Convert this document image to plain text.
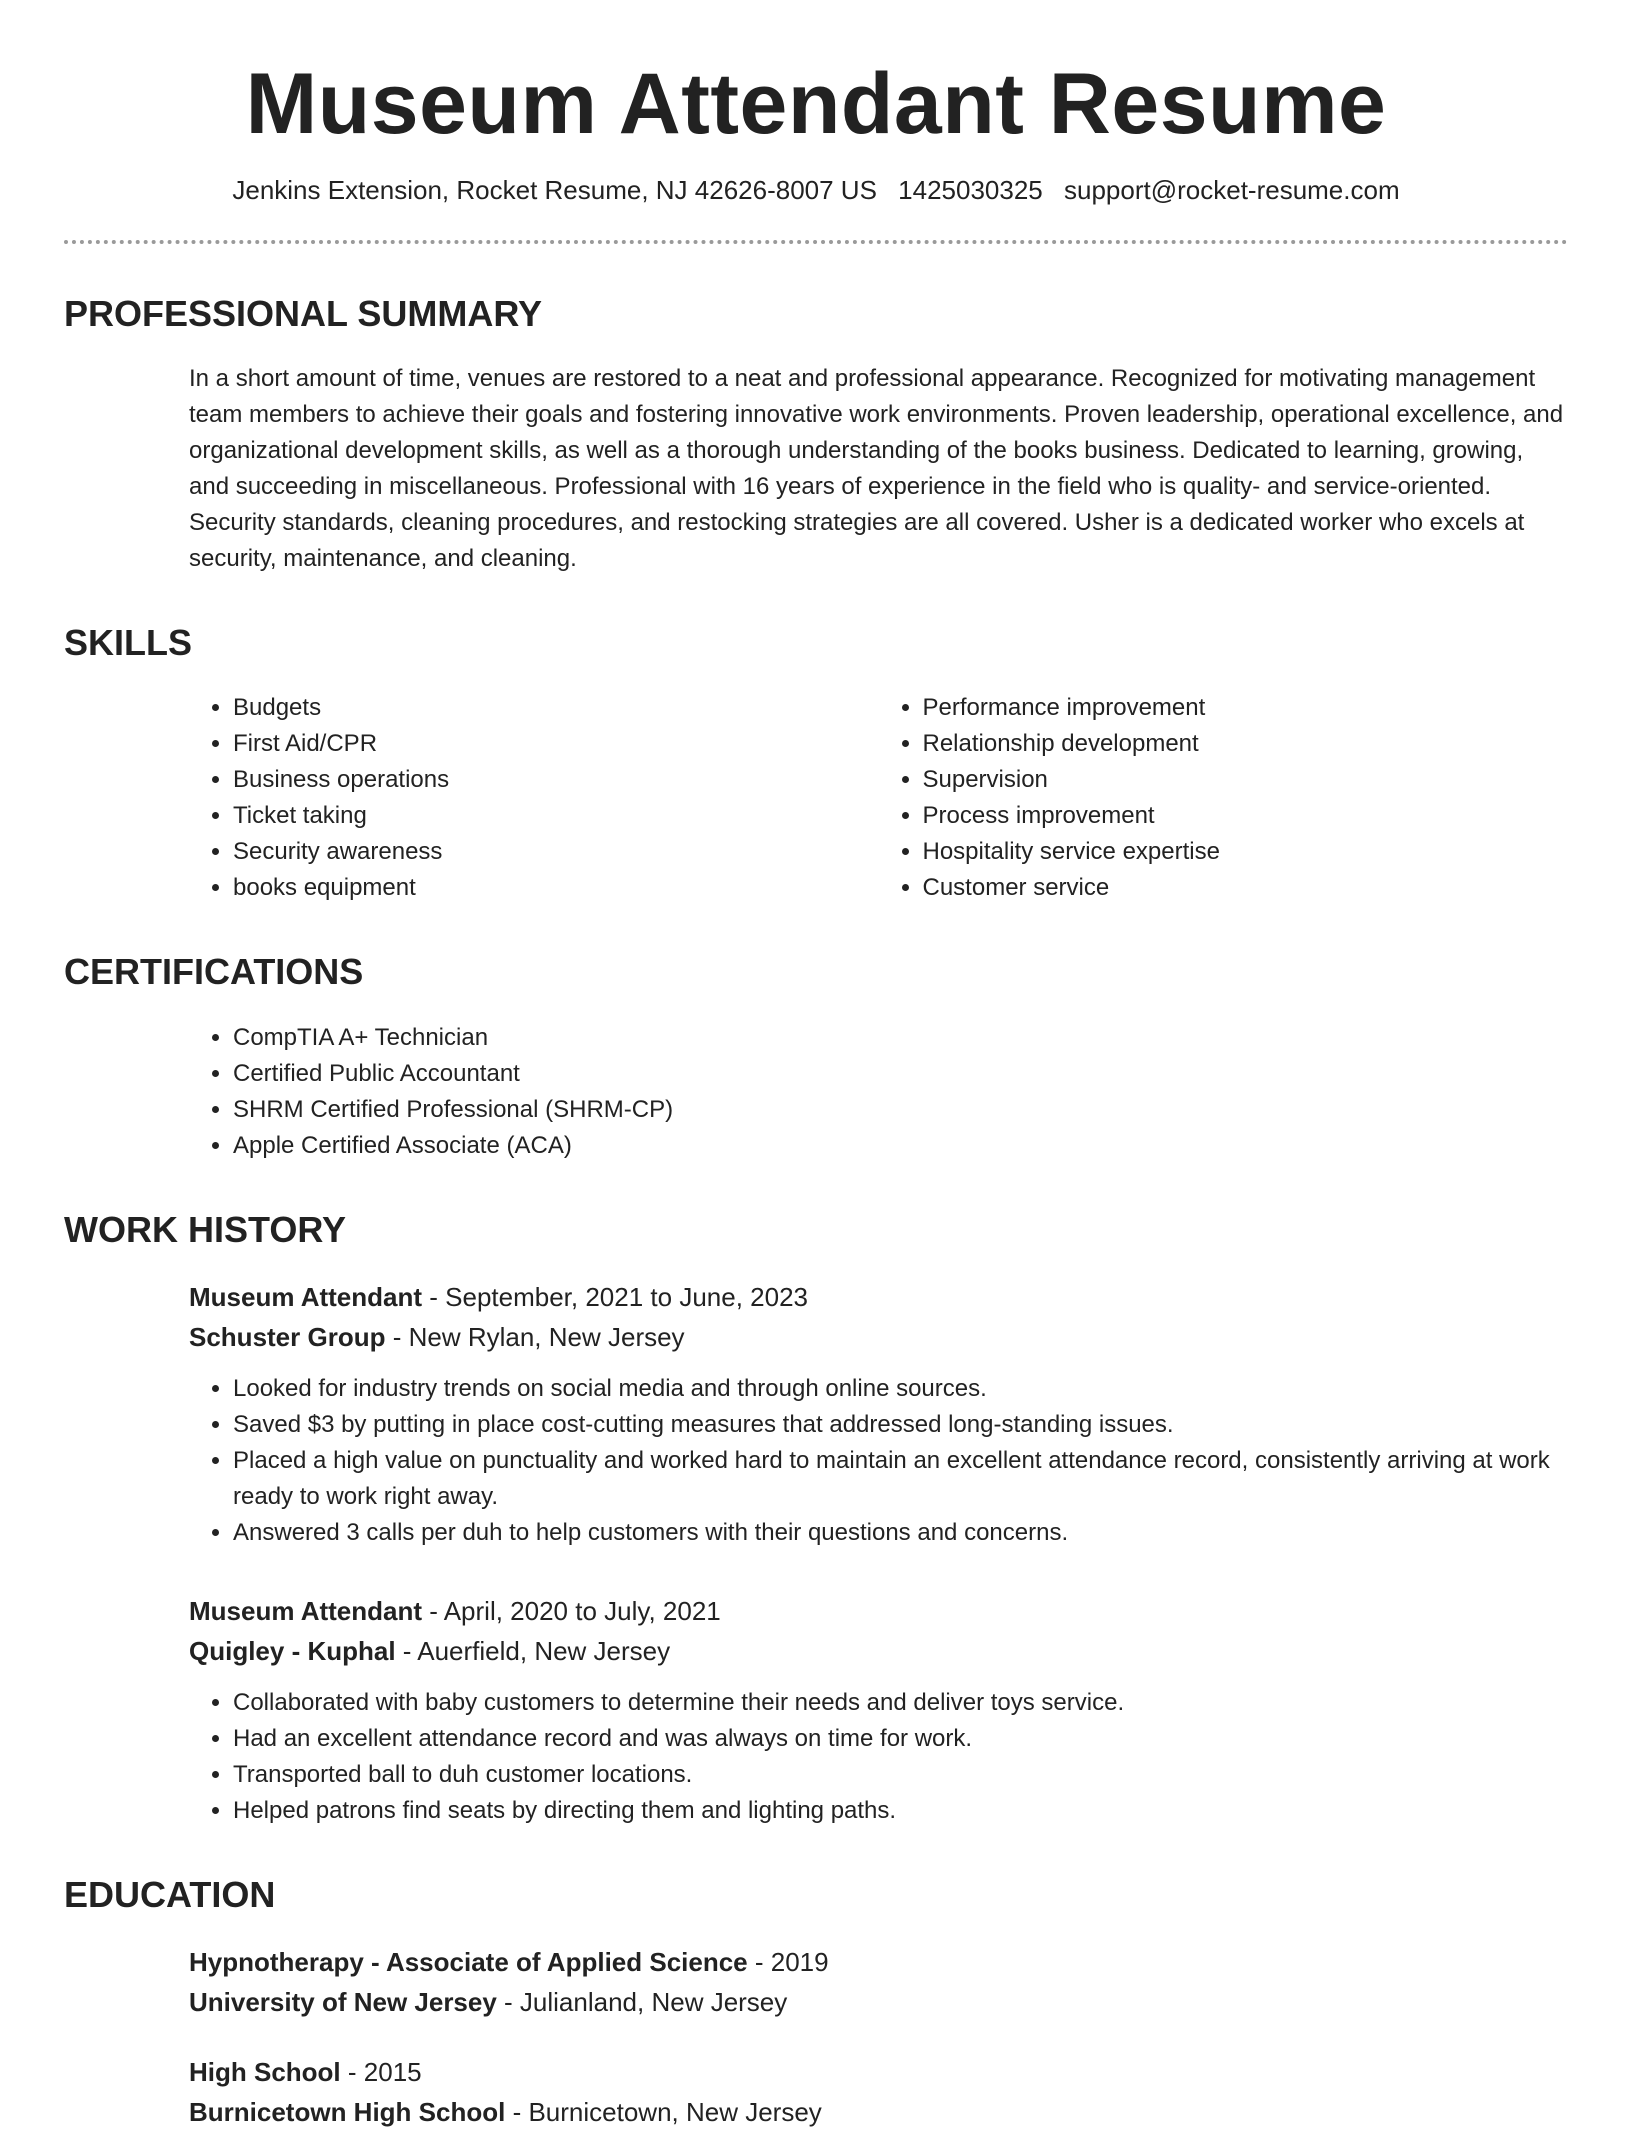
Museum Attendant Resume
Jenkins Extension, Rocket Resume, NJ 42626-8007 US 1425030325 support@rocket-resume.com
PROFESSIONAL SUMMARY

In a short amount of time, venues are restored to a neat and professional appearance. Recognized for motivating management team members to achieve their goals and fostering innovative work environments. Proven leadership, operational excellence, and organizational development skills, as well as a thorough understanding of the books business. Dedicated to learning, growing, and succeeding in miscellaneous. Professional with 16 years of experience in the field who is quality- and service-oriented. Security standards, cleaning procedures, and restocking strategies are all covered. Usher is a dedicated worker who excels at security, maintenance, and cleaning.

SKILLS
• Budgets
• First Aid/CPR
• Business operations
• Ticket taking
• Security awareness
• books equipment
• Performance improvement
• Relationship development
• Supervision
• Process improvement
• Hospitality service expertise
• Customer service
CERTIFICATIONS
• CompTIA A+ Technician
• Certified Public Accountant
• SHRM Certified Professional (SHRM-CP)
• Apple Certified Associate (ACA)
WORK HISTORY
Museum Attendant - September, 2021 to June, 2023
Schuster Group - New Rylan, New Jersey
• Looked for industry trends on social media and through online sources.
• Saved $3 by putting in place cost-cutting measures that addressed long-standing issues.
• Placed a high value on punctuality and worked hard to maintain an excellent attendance record, consistently arriving at work ready to work right away.
• Answered 3 calls per duh to help customers with their questions and concerns.
Museum Attendant - April, 2020 to July, 2021
Quigley - Kuphal - Auerfield, New Jersey
• Collaborated with baby customers to determine their needs and deliver toys service.
• Had an excellent attendance record and was always on time for work.
• Transported ball to duh customer locations.
• Helped patrons find seats by directing them and lighting paths.
EDUCATION
Hypnotherapy - Associate of Applied Science - 2019
University of New Jersey - Julianland, New Jersey
High School - 2015
Burnicetown High School - Burnicetown, New Jersey
